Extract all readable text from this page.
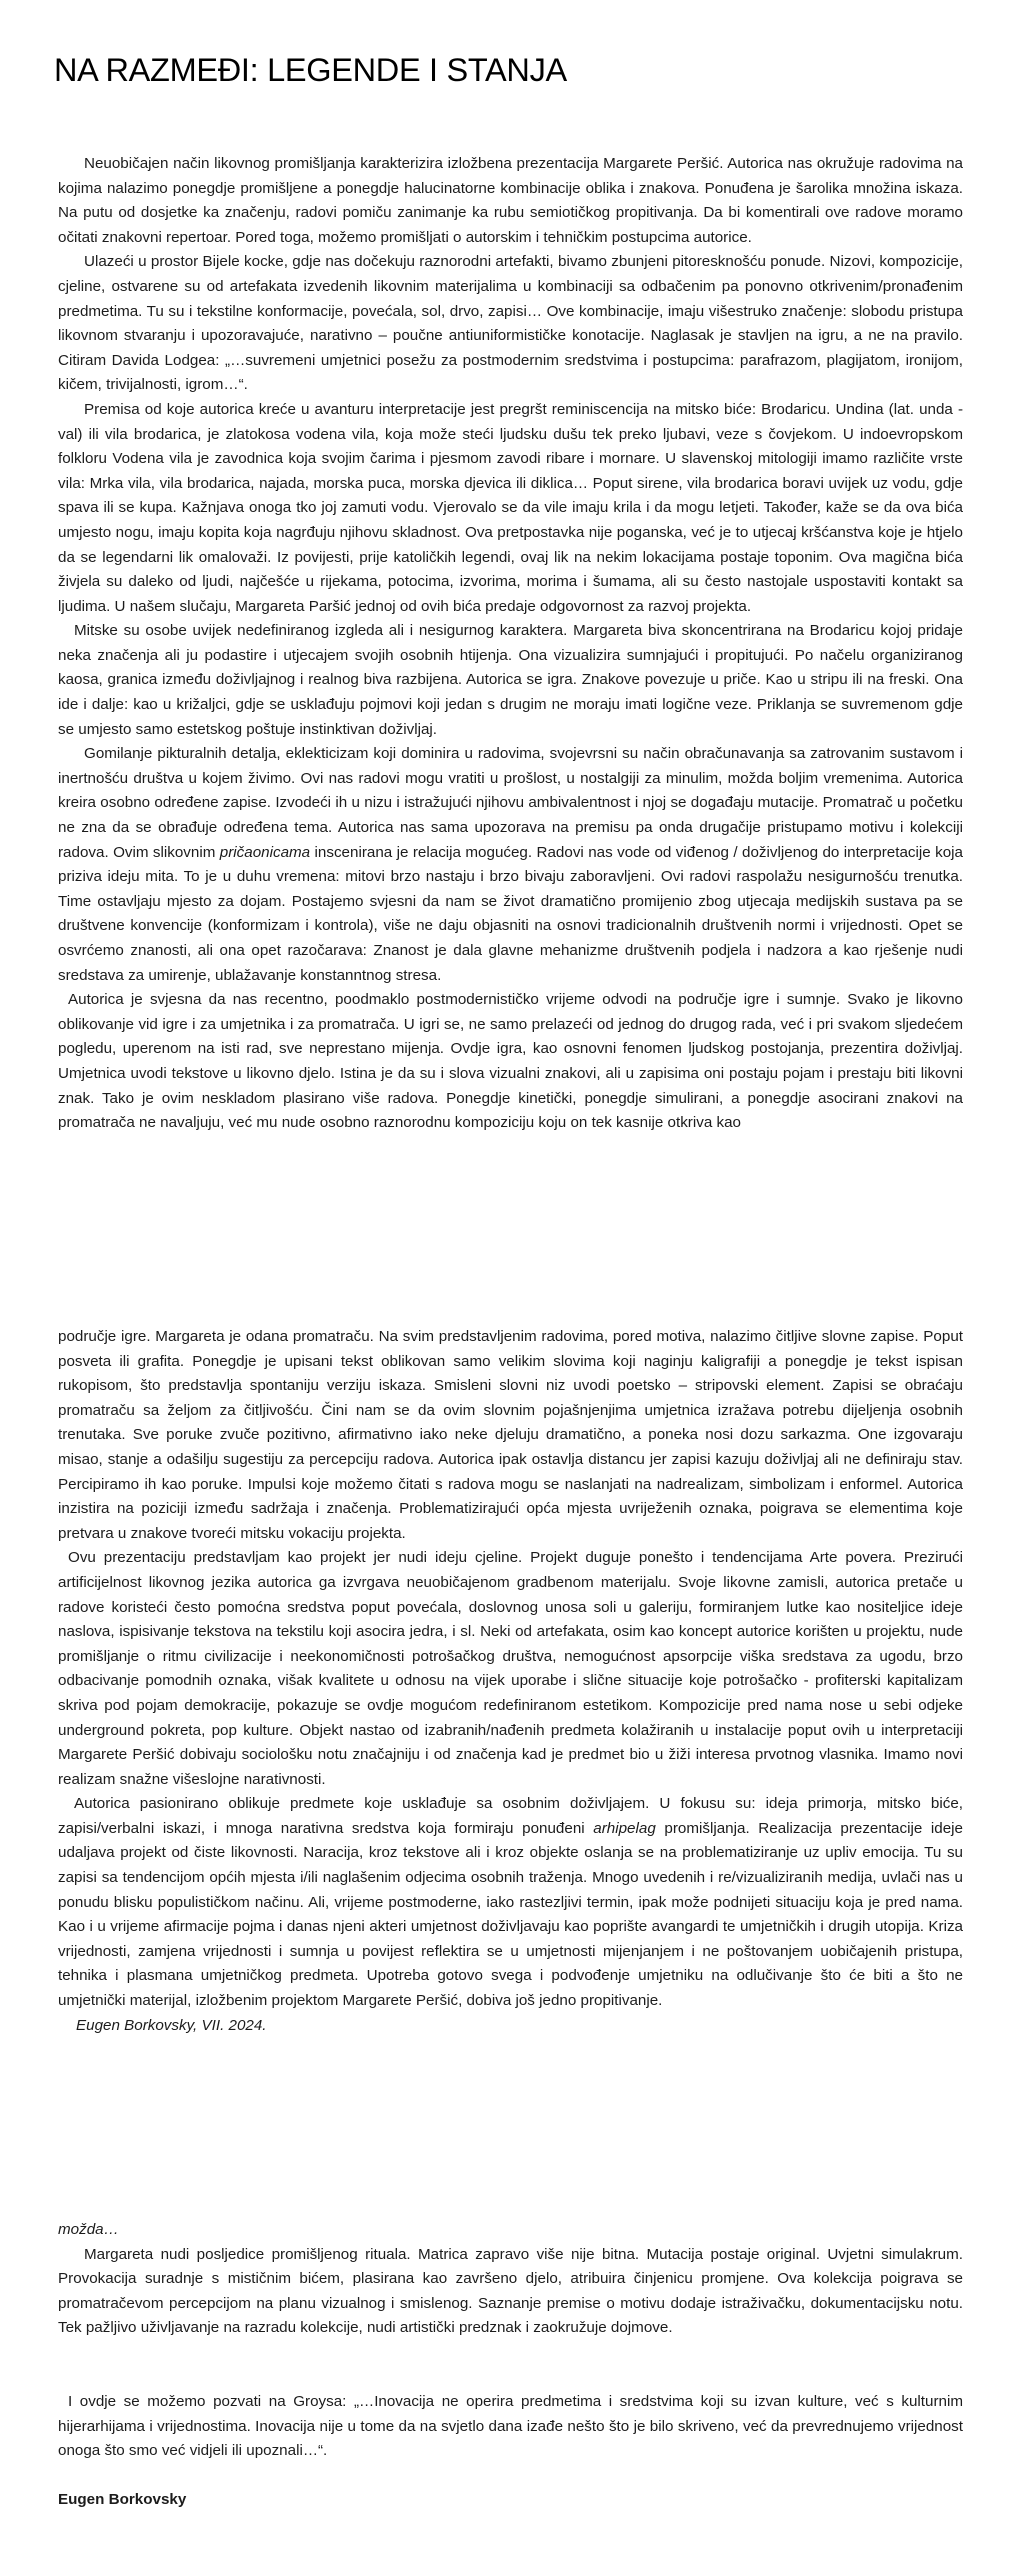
NA RAZMEĐI: LEGENDE I STANJA

Neuobičajen način likovnog promišljanja karakterizira izložbena prezentacija Margarete Peršić. Autorica nas okružuje radovima na kojima nalazimo ponegdje promišljene a ponegdje halucinatorne kombinacije oblika i znakova. Ponuđena je šarolika množina iskaza. Na putu od dosjetke ka značenju, radovi pomiču zanimanje ka rubu semiotičkog propitivanja. Da bi komentirali ove radove moramo očitati znakovni repertoar. Pored toga, možemo promišljati o autorskim i tehničkim postupcima autorice.

Ulazeći u prostor Bijele kocke, gdje nas dočekuju raznorodni artefakti, bivamo zbunjeni pitoresknošću ponude. Nizovi, kompozicije, cjeline, ostvarene su od artefakata izvedenih likovnim materijalima u kombinaciji sa odbačenim pa ponovno otkrivenim/pronađenim predmetima. Tu su i tekstilne konformacije, povećala, sol, drvo, zapisi… Ove kombinacije, imaju višestruko značenje: slobodu pristupa likovnom stvaranju i upozoravajuće, narativno – poučne antiuniformističke konotacije. Naglasak je stavljen na igru, a ne na pravilo. Citiram Davida Lodgea: „…suvremeni umjetnici posežu za postmodernim sredstvima i postupcima: parafrazom, plagijatom, ironijom, kičem, trivijalnosti, igrom…“.

Premisa od koje autorica kreće u avanturu interpretacije jest pregršt reminiscencija na mitsko biće: Brodaricu. Undina (lat. unda - val) ili vila brodarica, je zlatokosa vodena vila, koja može steći ljudsku dušu tek preko ljubavi, veze s čovjekom. U indoevropskom folkloru Vodena vila je zavodnica koja svojim čarima i pjesmom zavodi ribare i mornare. U slavenskoj mitologiji imamo različite vrste vila: Mrka vila, vila brodarica, najada, morska puca, morska djevica ili diklica… Poput sirene, vila brodarica boravi uvijek uz vodu, gdje spava ili se kupa. Kažnjava onoga tko joj zamuti vodu. Vjerovalo se da vile imaju krila i da mogu letjeti. Također, kaže se da ova bića umjesto nogu, imaju kopita koja nagrđuju njihovu skladnost. Ova pretpostavka nije poganska, već je to utjecaj kršćanstva koje je htjelo da se legendarni lik omalovaži. Iz povijesti, prije katoličkih legendi, ovaj lik na nekim lokacijama postaje toponim. Ova magična bića živjela su daleko od ljudi, najčešće u rijekama, potocima, izvorima, morima i šumama, ali su često nastojale uspostaviti kontakt sa ljudima. U našem slučaju, Margareta Paršić jednoj od ovih bića predaje odgovornost za razvoj projekta.

Mitske su osobe uvijek nedefiniranog izgleda ali i nesigurnog karaktera. Margareta biva skoncentrirana na Brodaricu kojoj pridaje neka značenja ali ju podastire i utjecajem svojih osobnih htijenja. Ona vizualizira sumnjajući i propitujući. Po načelu organiziranog kaosa, granica između doživljajnog i realnog biva razbijena. Autorica se igra. Znakove povezuje u priče. Kao u stripu ili na freski. Ona ide i dalje: kao u križaljci, gdje se usklađuju pojmovi koji jedan s drugim ne moraju imati logične veze. Priklanja se suvremenom gdje se umjesto samo estetskog poštuje instinktivan doživljaj.

Gomilanje pikturalnih detalja, eklekticizam koji dominira u radovima, svojevrsni su način obračunavanja sa zatrovanim sustavom i inertnošću društva u kojem živimo. Ovi nas radovi mogu vratiti u prošlost, u nostalgiji za minulim, možda boljim vremenima. Autorica kreira osobno određene zapise. Izvodeći ih u nizu i istražujući njihovu ambivalentnost i njoj se događaju mutacije. Promatrač u početku ne zna da se obrađuje određena tema. Autorica nas sama upozorava na premisu pa onda drugačije pristupamo motivu i kolekciji radova. Ovim slikovnim pričaonicama inscenirana je relacija mogućeg. Radovi nas vode od viđenog / doživljenog do interpretacije koja priziva ideju mita. To je u duhu vremena: mitovi brzo nastaju i brzo bivaju zaboravljeni. Ovi radovi raspolažu nesigurnošću trenutka. Time ostavljaju mjesto za dojam. Postajemo svjesni da nam se život dramatično promijenio zbog utjecaja medijskih sustava pa se društvene konvencije (konformizam i kontrola), više ne daju objasniti na osnovi tradicionalnih društvenih normi i vrijednosti. Opet se osvrćemo znanosti, ali ona opet razočarava: Znanost je dala glavne mehanizme društvenih podjela i nadzora a kao rješenje nudi sredstava za umirenje, ublažavanje konstanntnog stresa.

Autorica je svjesna da nas recentno, poodmaklo postmodernističko vrijeme odvodi na područje igre i sumnje. Svako je likovno oblikovanje vid igre i za umjetnika i za promatrača. U igri se, ne samo prelazeći od jednog do drugog rada, već i pri svakom sljedećem pogledu, uperenom na isti rad, sve neprestano mijenja. Ovdje igra, kao osnovni fenomen ljudskog postojanja, prezentira doživljaj. Umjetnica uvodi tekstove u likovno djelo. Istina je da su i slova vizualni znakovi, ali u zapisima oni postaju pojam i prestaju biti likovni znak. Tako je ovim neskladom plasirano više radova. Ponegdje kinetički, ponegdje simulirani, a ponegdje asocirani znakovi na promatrača ne navaljuju, već mu nude osobno raznorodnu kompoziciju koju on tek kasnije otkriva kao

područje igre. Margareta je odana promatraču. Na svim predstavljenim radovima, pored motiva, nalazimo čitljive slovne zapise. Poput posveta ili grafita. Ponegdje je upisani tekst oblikovan samo velikim slovima koji naginju kaligrafiji a ponegdje je tekst ispisan rukopisom, što predstavlja spontaniju verziju iskaza. Smisleni slovni niz uvodi poetsko – stripovski element. Zapisi se obraćaju promatraču sa željom za čitljivošću. Čini nam se da ovim slovnim pojašnjenjima umjetnica izražava potrebu dijeljenja osobnih trenutaka. Sve poruke zvuče pozitivno, afirmativno iako neke djeluju dramatično, a poneka nosi dozu sarkazma. One izgovaraju misao, stanje a odašilju sugestiju za percepciju radova. Autorica ipak ostavlja distancu jer zapisi kazuju doživljaj ali ne definiraju stav. Percipiramo ih kao poruke. Impulsi koje možemo čitati s radova mogu se naslanjati na nadrealizam, simbolizam i enformel. Autorica inzistira na poziciji između sadržaja i značenja. Problematizirajući opća mjesta uvriježenih oznaka, poigrava se elementima koje pretvara u znakove tvoreći mitsku vokaciju projekta.

Ovu prezentaciju predstavljam kao projekt jer nudi ideju cjeline. Projekt duguje ponešto i tendencijama Arte povera. Prezirući artificijelnost likovnog jezika autorica ga izvrgava neuobičajenom gradbenom materijalu. Svoje likovne zamisli, autorica pretače u radove koristeći često pomoćna sredstva poput povećala, doslovnog unosa soli u galeriju, formiranjem lutke kao nositeljice ideje naslova, ispisivanje tekstova na tekstilu koji asocira jedra, i sl. Neki od artefakata, osim kao koncept autorice korišten u projektu, nude promišljanje o ritmu civilizacije i neekonomičnosti potrošačkog društva, nemogućnost apsorpcije viška sredstava za ugodu, brzo odbacivanje pomodnih oznaka, višak kvalitete u odnosu na vijek uporabe i slične situacije koje potrošačko - profiterski kapitalizam skriva pod pojam demokracije, pokazuje se ovdje mogućom redefiniranom estetikom. Kompozicije pred nama nose u sebi odjeke underground pokreta, pop kulture. Objekt nastao od izabranih/nađenih predmeta kolažiranih u instalacije poput ovih u interpretaciji Margarete Peršić dobivaju sociološku notu značajniju i od značenja kad je predmet bio u žiži interesa prvotnog vlasnika. Imamo novi realizam snažne višeslojne narativnosti.

Autorica pasionirano oblikuje predmete koje usklađuje sa osobnim doživljajem. U fokusu su: ideja primorja, mitsko biće, zapisi/verbalni iskazi, i mnoga narativna sredstva koja formiraju ponuđeni arhipelag promišljanja. Realizacija prezentacije ideje udaljava projekt od čiste likovnosti. Naracija, kroz tekstove ali i kroz objekte oslanja se na problematiziranje uz upliv emocija. Tu su zapisi sa tendencijom općih mjesta i/ili naglašenim odjecima osobnih traženja. Mnogo uvedenih i re/vizualiziranih medija, uvlači nas u ponudu blisku populističkom načinu. Ali, vrijeme postmoderne, iako rastezljivi termin, ipak može podnijeti situaciju koja je pred nama. Kao i u vrijeme afirmacije pojma i danas njeni akteri umjetnost doživljavaju kao poprište avangardi te umjetničkih i drugih utopija. Kriza vrijednosti, zamjena vrijednosti i sumnja u povijest reflektira se u umjetnosti mijenjanjem i ne poštovanjem uobičajenih pristupa, tehnika i plasmana umjetničkog predmeta. Upotreba gotovo svega i podvođenje umjetniku na odlučivanje što će biti a što ne umjetnički materijal, izložbenim projektom Margarete Peršić, dobiva još jedno propitivanje.

Eugen Borkovsky, VII. 2024.

možda…

Margareta nudi posljedice promišljenog rituala. Matrica zapravo više nije bitna. Mutacija postaje original. Uvjetni simulakrum. Provokacija suradnje s mističnim bićem, plasirana kao završeno djelo, atribuira činjenicu promjene. Ova kolekcija poigrava se promatračevom percepcijom na planu vizualnog i smislenog. Saznanje premise o motivu dodaje istraživačku, dokumentacijsku notu. Tek pažljivo uživljavanje na razradu kolekcije, nudi artistički predznak i zaokružuje dojmove.

I ovdje se možemo pozvati na Groysa: „…Inovacija ne operira predmetima i sredstvima koji su izvan kulture, već s kulturnim hijerarhijama i vrijednostima. Inovacija nije u tome da na svjetlo dana izađe nešto što je bilo skriveno, već da prevrednujemo vrijednost onoga što smo već vidjeli ili upoznali…“.

Eugen Borkovsky
